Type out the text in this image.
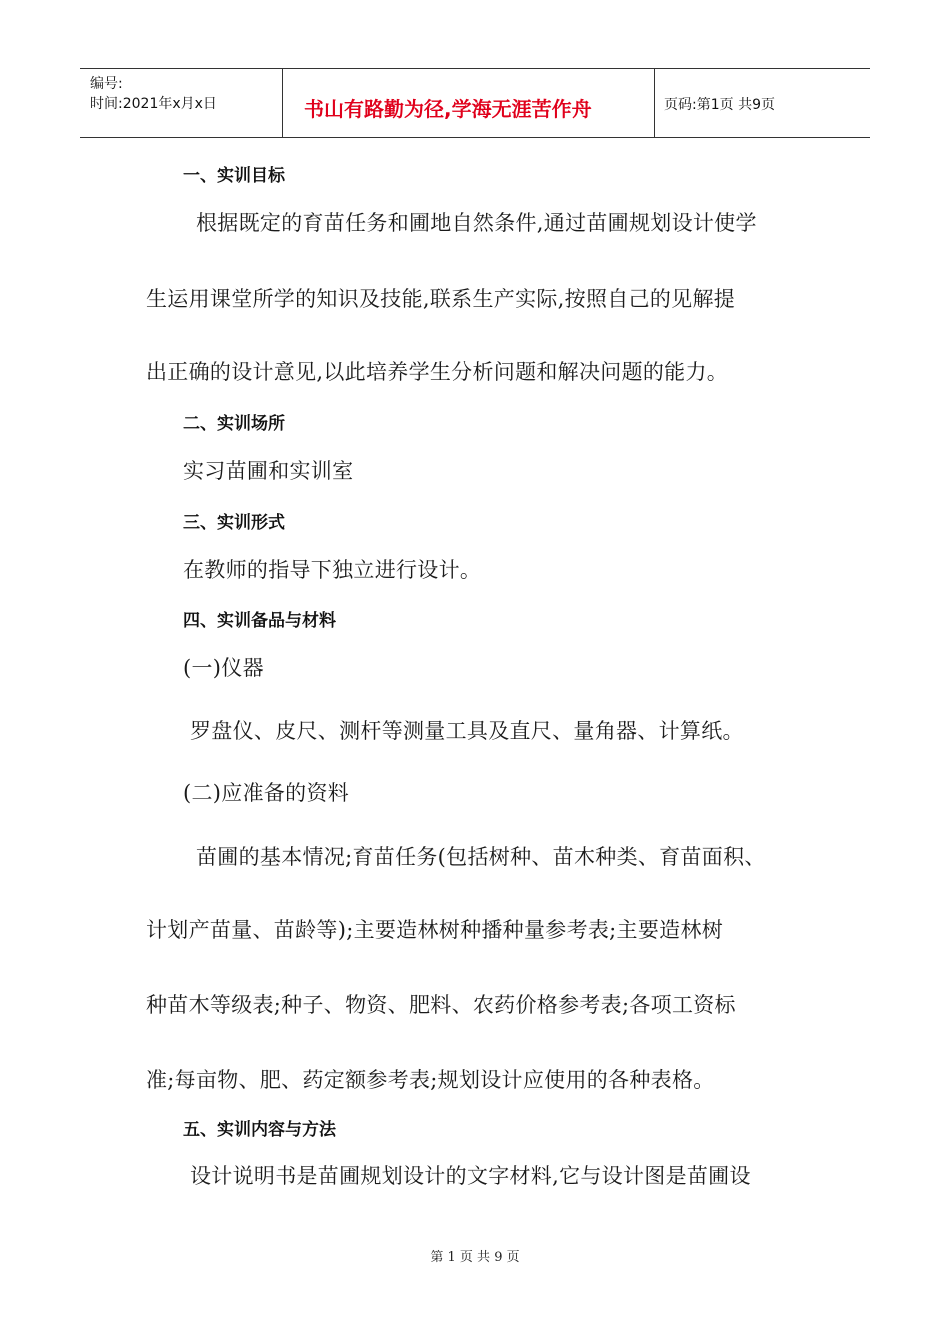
编号:
时间:2021年x月x日	书山有路勤为径,学海无涯苦作舟	页码:第1页 共9页
一、实训目标
根据既定的育苗任务和圃地自然条件,通过苗圃规划设计使学
生运用课堂所学的知识及技能,联系生产实际,按照自己的见解提
出正确的设计意见,以此培养学生分析问题和解决问题的能力。
二、实训场所
实习苗圃和实训室
三、实训形式
在教师的指导下独立进行设计。
四、实训备品与材料
(一)仪器
罗盘仪、皮尺、测杆等测量工具及直尺、量角器、计算纸。
(二)应准备的资料
苗圃的基本情况;育苗任务(包括树种、苗木种类、育苗面积、
计划产苗量、苗龄等);主要造林树种播种量参考表;主要造林树
种苗木等级表;种子、物资、肥料、农药价格参考表;各项工资标
准;每亩物、肥、药定额参考表;规划设计应使用的各种表格。
五、实训内容与方法
设计说明书是苗圃规划设计的文字材料,它与设计图是苗圃设
第 1 页 共 9 页
